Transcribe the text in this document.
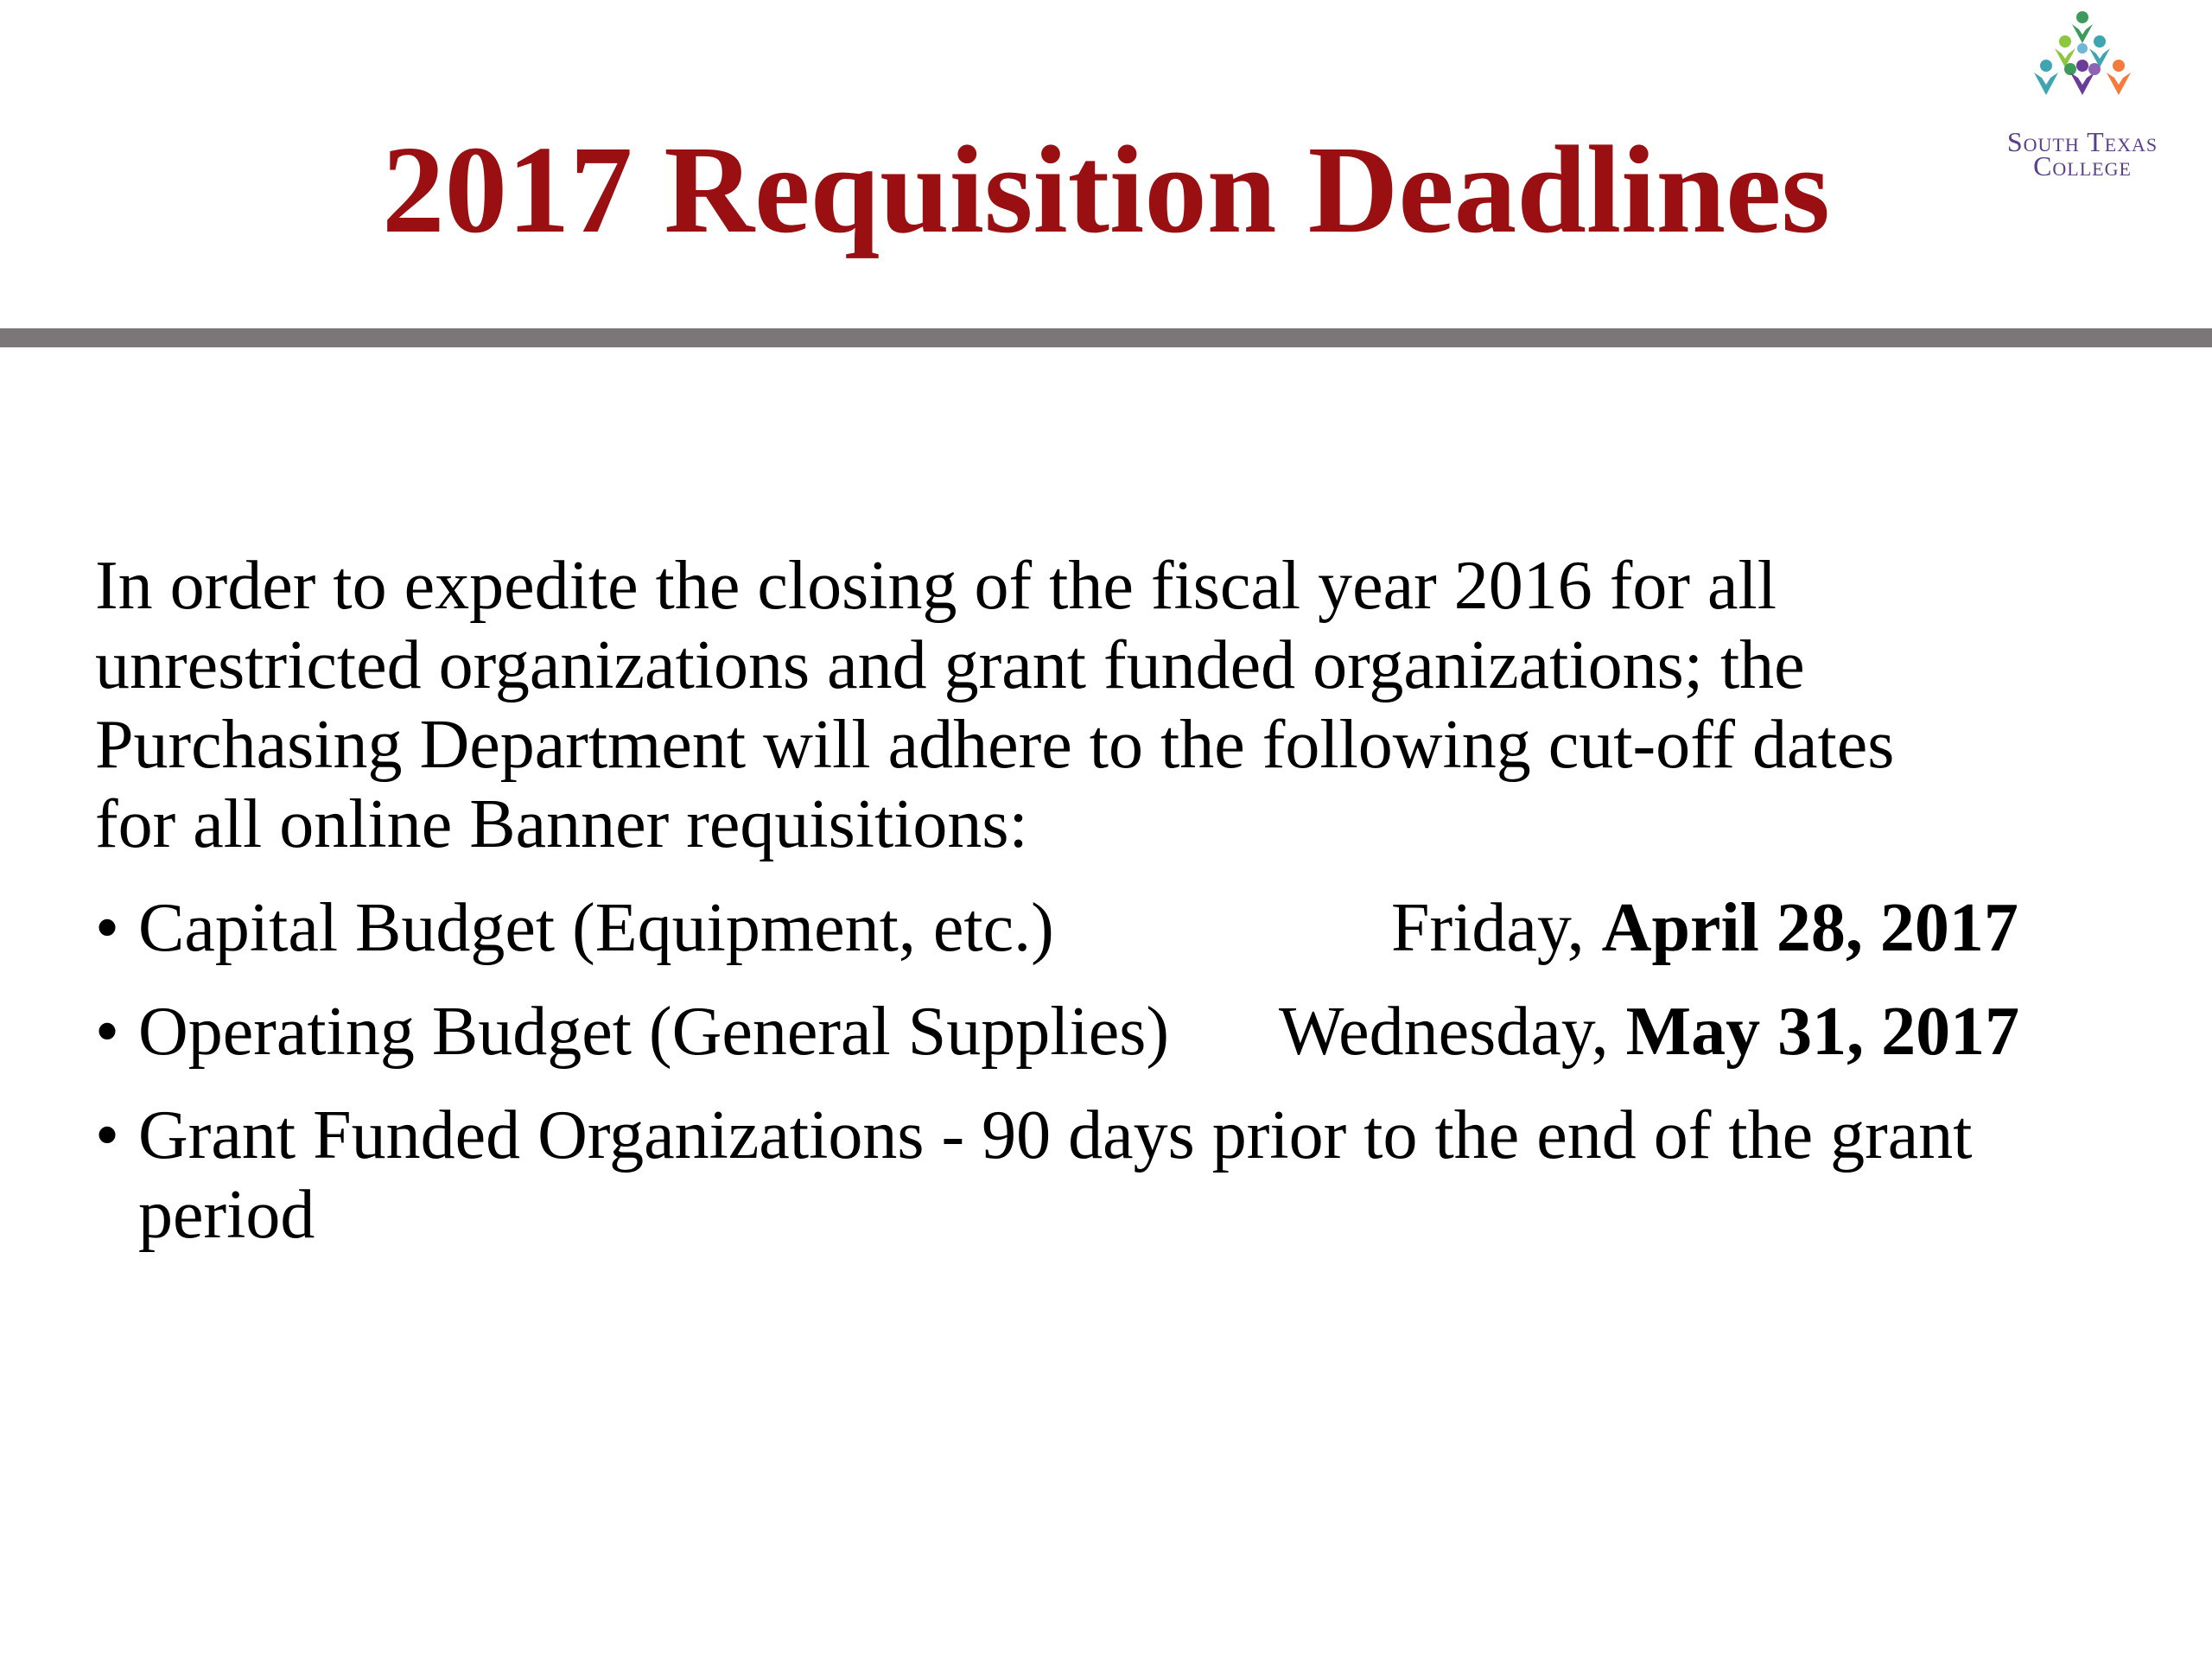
2017 Requisition Deadlines	South Texas
College
In order to expedite the closing of the fiscal year 2016 for all
unrestricted organizations and grant funded organizations; the
Purchasing Department will adhere to the following cut-off dates
for all online Banner requisitions:
• Capital Budget (Equipment, etc.)	Friday, April 28, 2017
• Operating Budget (General Supplies) Wednesday, May 31, 2017
• Grant Funded Organizations - 90 days prior to the end of the grant
period
